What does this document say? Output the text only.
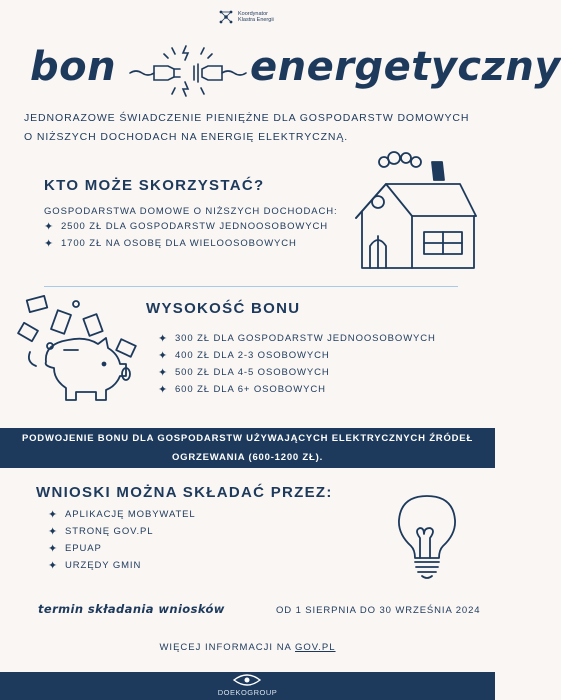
Koordynator
Klastra Energii
bon	energetyczny
JEDNORAZOWE ŚWIADCZENIE PIENIĘŻNE DLA GOSPODARSTW DOMOWYCH O NIŻSZYCH DOCHODACH NA ENERGIĘ ELEKTRYCZNĄ.
KTO MOŻE SKORZYSTAĆ?
GOSPODARSTWA DOMOWE O NIŻSZYCH DOCHODACH:
✦ 2500 ZŁ DLA GOSPODARSTW JEDNOOSOBOWYCH
✦ 1700 ZŁ NA OSOBĘ DLA WIELOOSOBOWYCH
WYSOKOŚĆ BONU
✦ 300 ZŁ DLA GOSPODARSTW JEDNOOSOBOWYCH
✦ 400 ZŁ DLA 2-3 OSOBOWYCH
✦ 500 ZŁ DLA 4-5 OSOBOWYCH
✦ 600 ZŁ DLA 6+ OSOBOWYCH
PODWOJENIE BONU DLA GOSPODARSTW UŻYWAJĄCYCH ELEKTRYCZNYCH ŹRÓDEŁ OGRZEWANIA (600-1200 ZŁ).
WNIOSKI MOŻNA SKŁADAĆ PRZEZ:
✦ APLIKACJĘ MOBYWATEL
✦ STRONĘ GOV.PL
✦ EPUAP
✦ URZĘDY GMIN
termin składania wniosków	OD 1 SIERPNIA DO 30 WRZEŚNIA 2024
WIĘCEJ INFORMACJI NA GOV.PL
DOEKOGROUP
